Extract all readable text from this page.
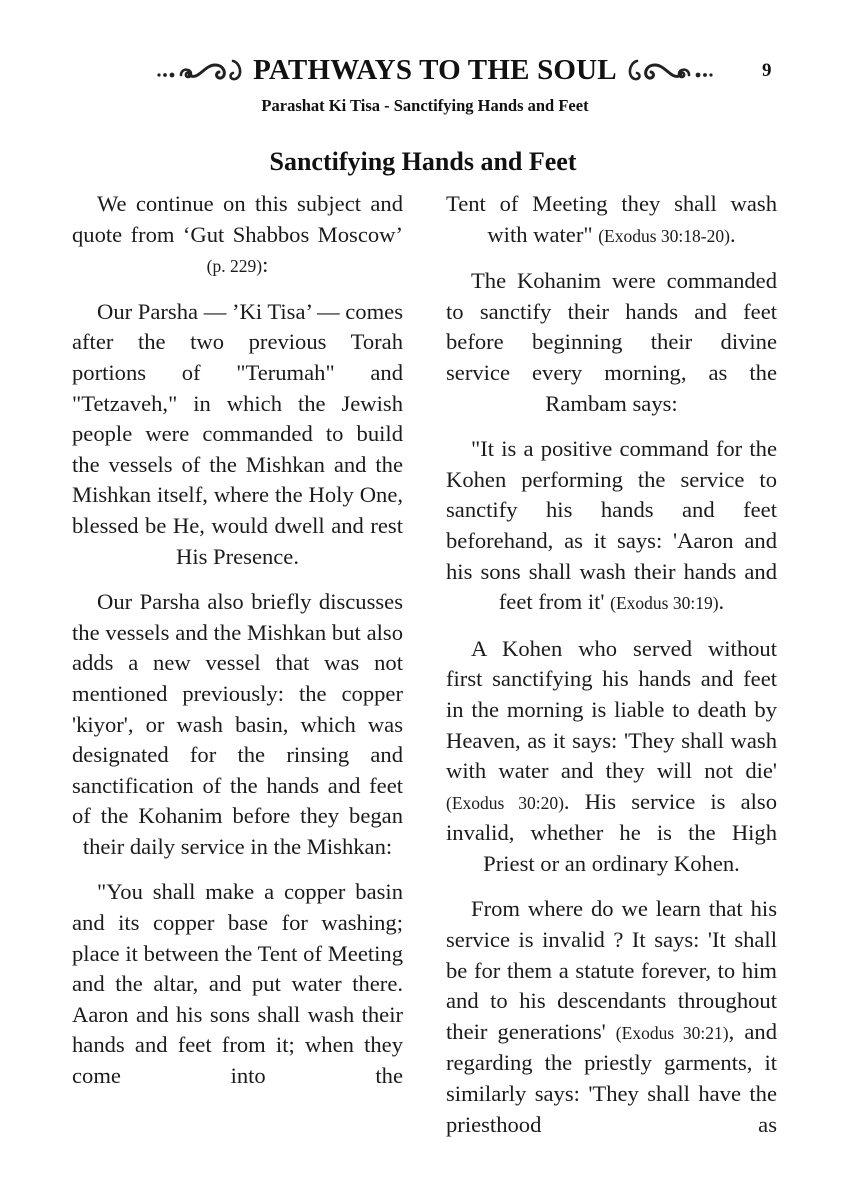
PATHWAYS TO THE SOUL	9
Parashat Ki Tisa - Sanctifying Hands and Feet
Sanctifying Hands and Feet

We continue on this subject and quote from ‘Gut Shabbos Moscow’ (p. 229):

Our Parsha — ’Ki Tisa’ — comes after the two previous Torah portions of "Terumah" and "Tetzaveh," in which the Jewish people were commanded to build the vessels of the Mishkan and the Mishkan itself, where the Holy One, blessed be He, would dwell and rest His Presence.

Our Parsha also briefly discusses the vessels and the Mishkan but also adds a new vessel that was not mentioned previously: the copper 'kiyor', or wash basin, which was designated for the rinsing and sanctification of the hands and feet of the Kohanim before they began their daily service in the Mishkan:

"You shall make a copper basin and its copper base for washing; place it between the Tent of Meeting and the altar, and put water there. Aaron and his sons shall wash their hands and feet from it; when they come into the

Tent of Meeting they shall wash with water" (Exodus 30:18-20).

The Kohanim were commanded to sanctify their hands and feet before beginning their divine service every morning, as the Rambam says:

"It is a positive command for the Kohen performing the service to sanctify his hands and feet beforehand, as it says: 'Aaron and his sons shall wash their hands and feet from it' (Exodus 30:19).

A Kohen who served without first sanctifying his hands and feet in the morning is liable to death by Heaven, as it says: 'They shall wash with water and they will not die' (Exodus 30:20). His service is also invalid, whether he is the High Priest or an ordinary Kohen.

From where do we learn that his service is invalid ? It says: 'It shall be for them a statute forever, to him and to his descendants throughout their generations' (Exodus 30:21), and regarding the priestly garments, it similarly says: 'They shall have the priesthood as
